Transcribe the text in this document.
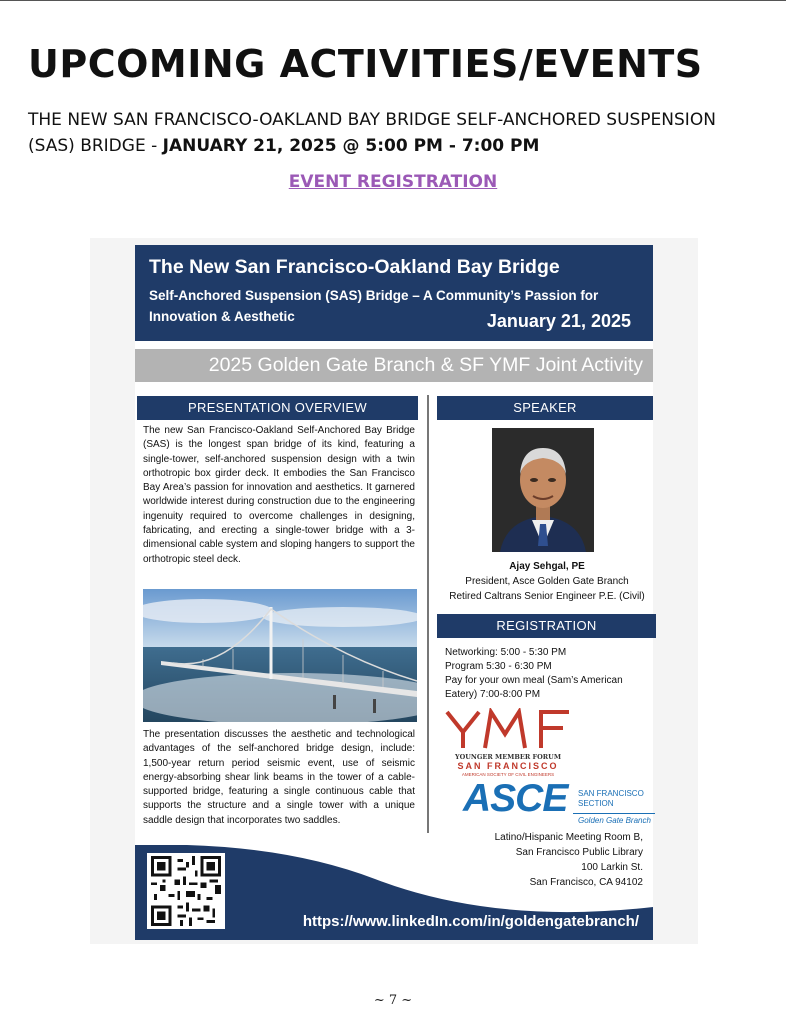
UPCOMING ACTIVITIES/EVENTS

THE NEW SAN FRANCISCO-OAKLAND BAY BRIDGE SELF-ANCHORED SUSPENSION (SAS) BRIDGE - JANUARY 21, 2025 @ 5:00 PM - 7:00 PM

EVENT REGISTRATION
The New San Francisco-Oakland Bay Bridge
Self-Anchored Suspension (SAS) Bridge – A Community’s Passion for Innovation & Aesthetic	January 21, 2025
2025 Golden Gate Branch & SF YMF Joint Activity
PRESENTATION OVERVIEW	SPEAKER

The new San Francisco-Oakland Self-Anchored Bay Bridge (SAS) is the longest span bridge of its kind, featuring a single-tower, self-anchored suspension design with a twin orthotropic box girder deck. It embodies the San Francisco Bay Area’s passion for innovation and aesthetics. It garnered worldwide interest during construction due to the engineering ingenuity required to overcome challenges in designing, fabricating, and erecting a single-tower bridge with a 3-dimensional cable system and sloping hangers to support the orthotropic steel deck.

The presentation discusses the aesthetic and technological advantages of the self-anchored bridge design, include: 1,500-year return period seismic event, use of seismic energy-absorbing shear link beams in the tower of a cable-supported bridge, featuring a single continuous cable that supports the structure and a single tower with a unique saddle design that incorporates two saddles.

Ajay Sehgal, PE
President, Asce Golden Gate Branch
Retired Caltrans Senior Engineer P.E. (Civil)
REGISTRATION
Networking: 5:00 - 5:30 PM
Program 5:30 - 6:30 PM
Pay for your own meal (Sam’s American
Eatery) 7:00-8:00 PM
YOUNGER MEMBER FORUM
SAN FRANCISCO
AMERICAN SOCIETY OF CIVIL ENGINEERS
ASCE SAN FRANCISCO
SECTION
Golden Gate Branch
Latino/Hispanic Meeting Room B,
San Francisco Public Library
100 Larkin St.
San Francisco, CA 94102
https://www.linkedIn.com/in/goldengatebranch/
~ 7 ~
